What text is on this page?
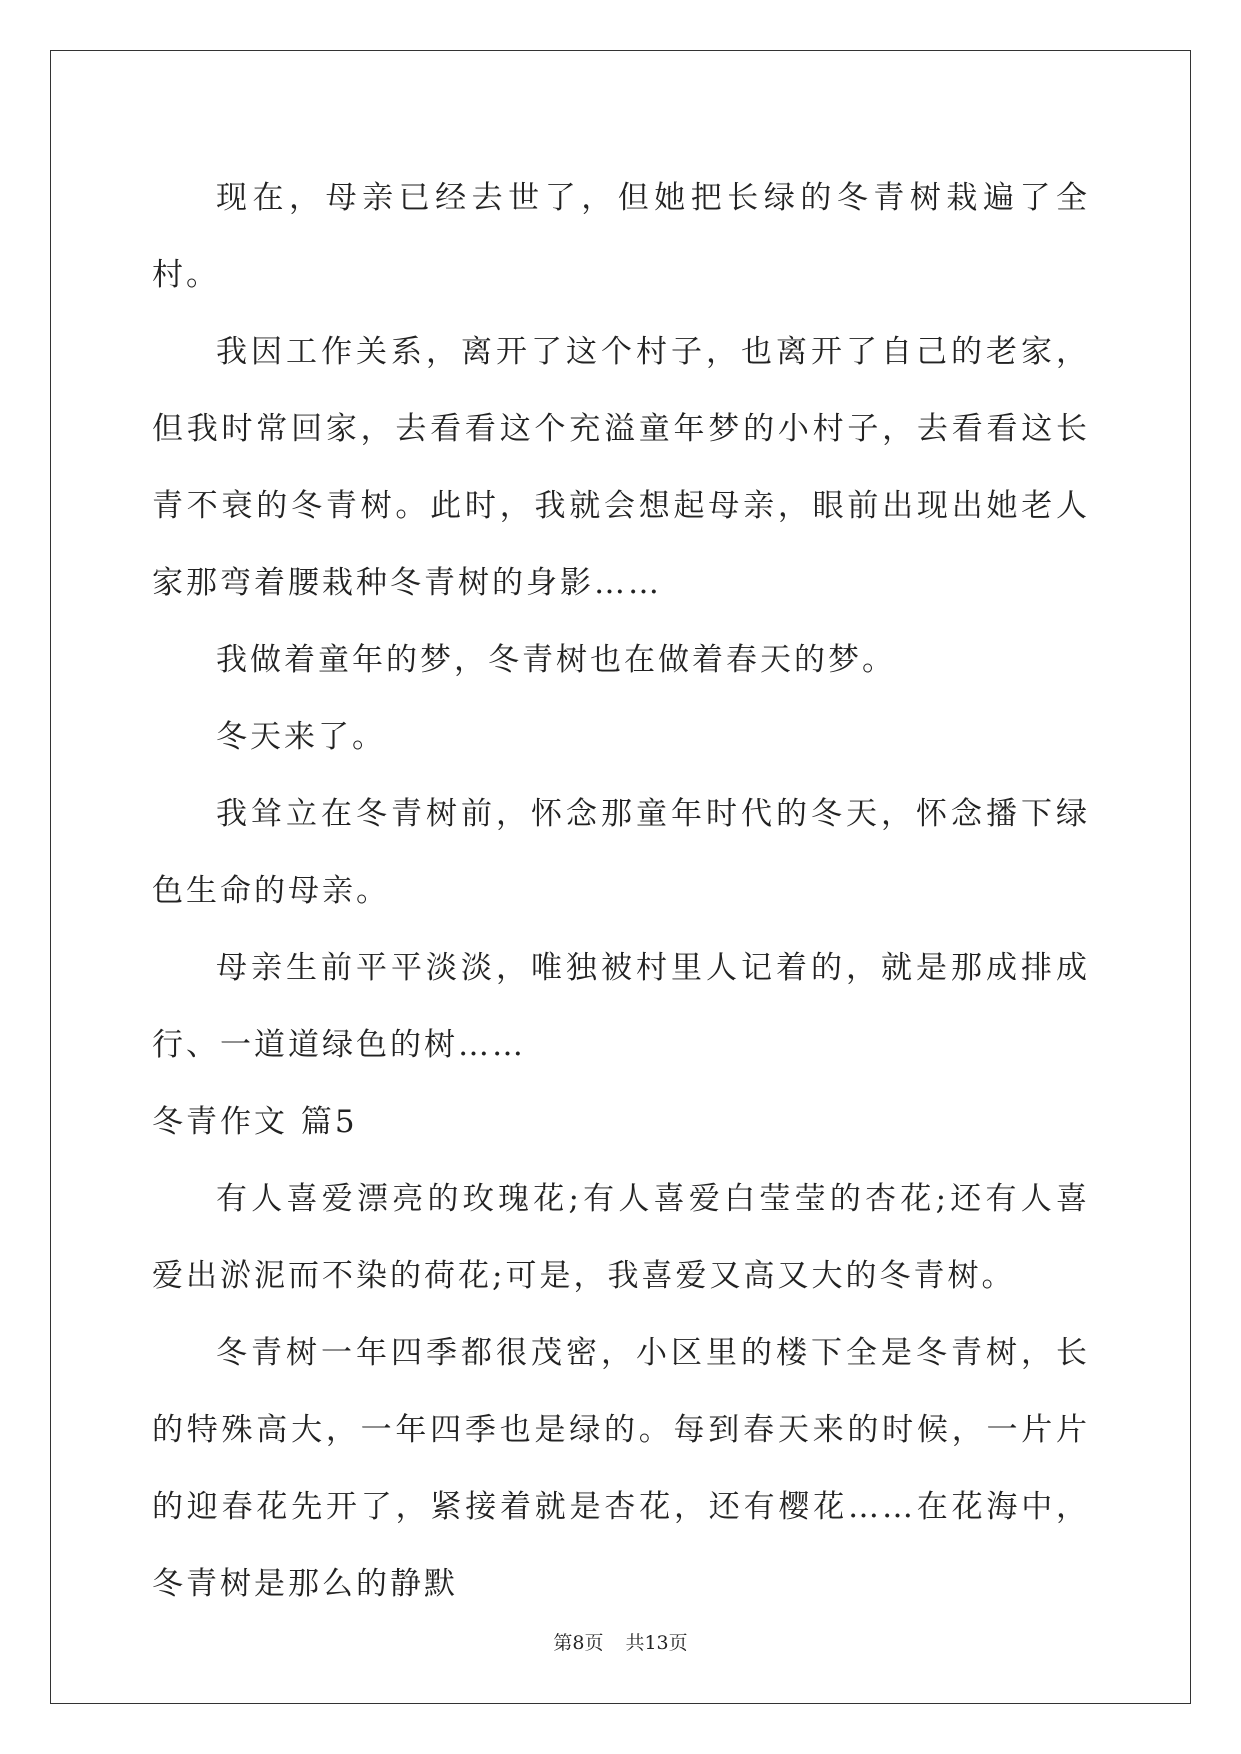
现在，母亲已经去世了，但她把长绿的冬青树栽遍了全村。

我因工作关系，离开了这个村子，也离开了自己的老家，但我时常回家，去看看这个充溢童年梦的小村子，去看看这长青不衰的冬青树。此时，我就会想起母亲，眼前出现出她老人家那弯着腰栽种冬青树的身影……

我做着童年的梦，冬青树也在做着春天的梦。

冬天来了。

我耸立在冬青树前，怀念那童年时代的冬天，怀念播下绿色生命的母亲。

母亲生前平平淡淡，唯独被村里人记着的，就是那成排成行、一道道绿色的树……

冬青作文 篇5

有人喜爱漂亮的玫瑰花;有人喜爱白莹莹的杏花;还有人喜爱出淤泥而不染的荷花;可是，我喜爱又高又大的冬青树。

冬青树一年四季都很茂密，小区里的楼下全是冬青树，长的特殊高大，一年四季也是绿的。每到春天来的时候，一片片的迎春花先开了，紧接着就是杏花，还有樱花……在花海中，冬青树是那么的静默

第8页 共13页
